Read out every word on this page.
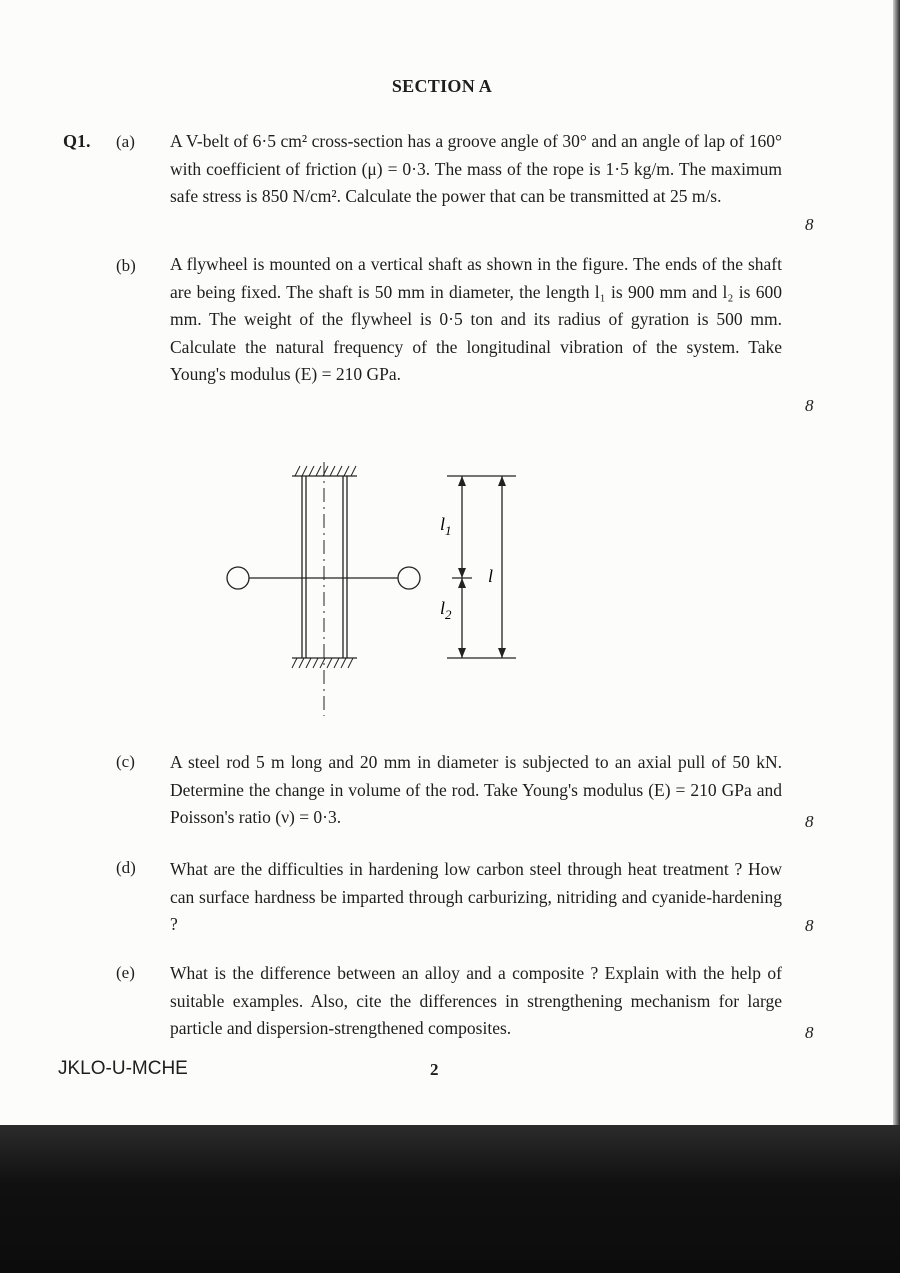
SECTION A
Q1. (a) A V-belt of 6·5 cm² cross-section has a groove angle of 30° and an angle of lap of 160° with coefficient of friction (μ) = 0·3. The mass of the rope is 1·5 kg/m. The maximum safe stress is 850 N/cm². Calculate the power that can be transmitted at 25 m/s.

8
(b) A flywheel is mounted on a vertical shaft as shown in the figure. The ends of the shaft are being fixed. The shaft is 50 mm in diameter, the length l₁ is 900 mm and l₂ is 600 mm. The weight of the flywheel is 0·5 ton and its radius of gyration is 500 mm. Calculate the natural frequency of the longitudinal vibration of the system. Take Young's modulus (E) = 210 GPa.

8
$l_1$
$l_2$
l
(c) A steel rod 5 m long and 20 mm in diameter is subjected to an axial pull of 50 kN. Determine the change in volume of the rod. Take Young's modulus (E) = 210 GPa and Poisson's ratio (ν) = 0·3.	8
(d) What are the difficulties in hardening low carbon steel through heat treatment ? How can surface hardness be imparted through carburizing, nitriding and cyanide-hardening ?	8
(e) What is the difference between an alloy and a composite ? Explain with the help of suitable examples. Also, cite the differences in strengthening mechanism for large particle and dispersion-strengthened composites.	8
JKLO-U-MCHE	2
